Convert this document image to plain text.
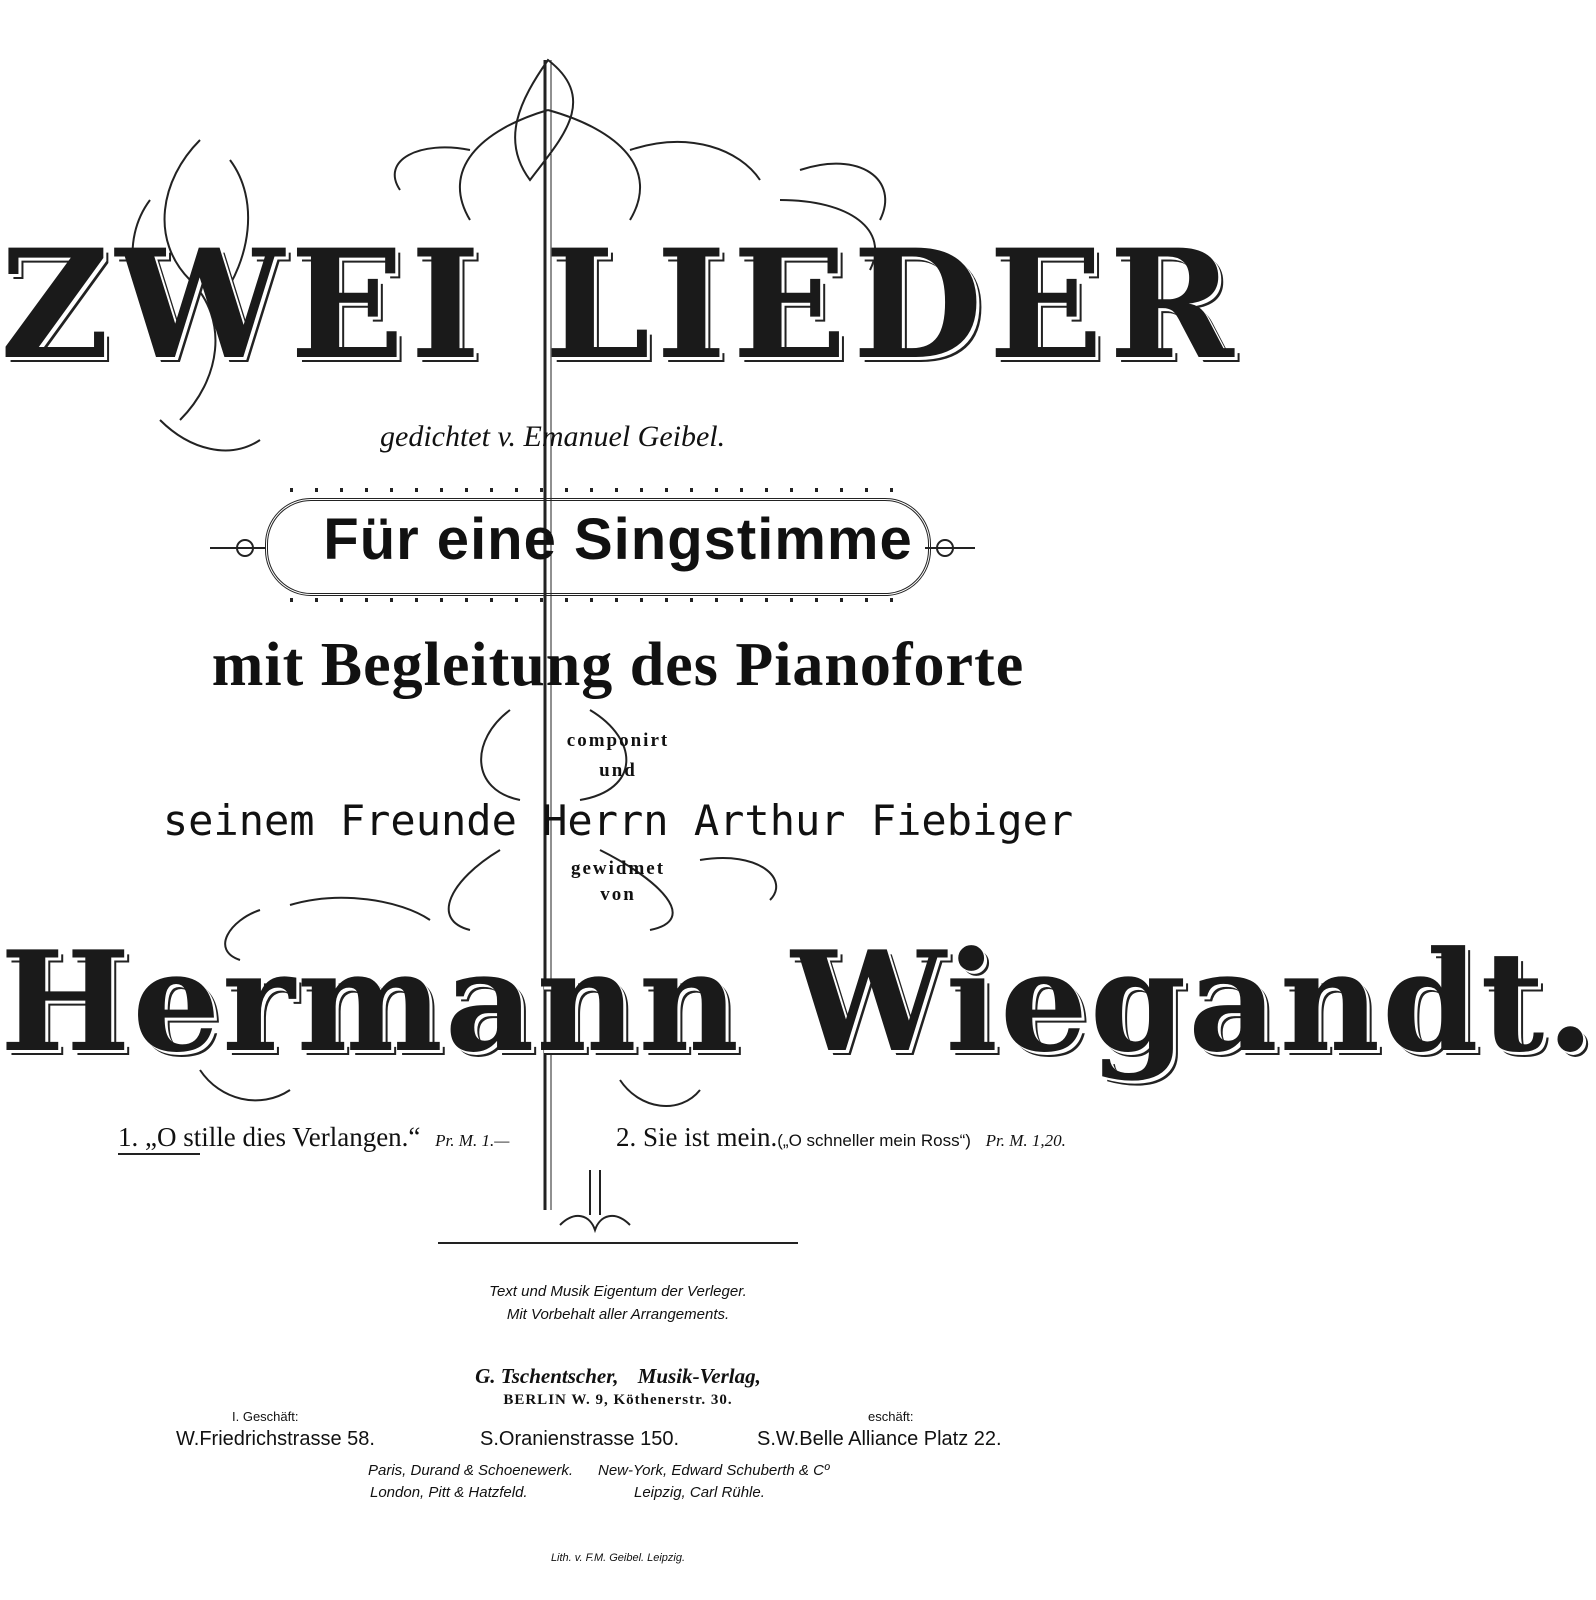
ZWEI LIEDER
gedichtet v. Emanuel Geibel.
Für eine Singstimme
mit Begleitung des Pianoforte
componirt
und
seinem Freunde Herrn Arthur Fiebiger
gewidmet
von
Hermann Wiegandt.
1. „O stille dies Verlangen.“ Pr. M. 1.—	2. Sie ist mein.(„O schneller mein Ross“) Pr. M. 1,20.
Text und Musik Eigentum der Verleger.
Mit Vorbehalt aller Arrangements.
G. Tschentscher, Musik-Verlag,
BERLIN W. 9, Köthenerstr. 30.
I. Geschäft:	eschäft:
W.Friedrichstrasse 58.	S.Oranienstrasse 150.	S.W.Belle Alliance Platz 22.
Paris, Durand & Schoenewerk. New-York, Edward Schuberth & Cº
London, Pitt & Hatzfeld.	Leipzig, Carl Rühle.
Lith. v. F.M. Geibel. Leipzig.
